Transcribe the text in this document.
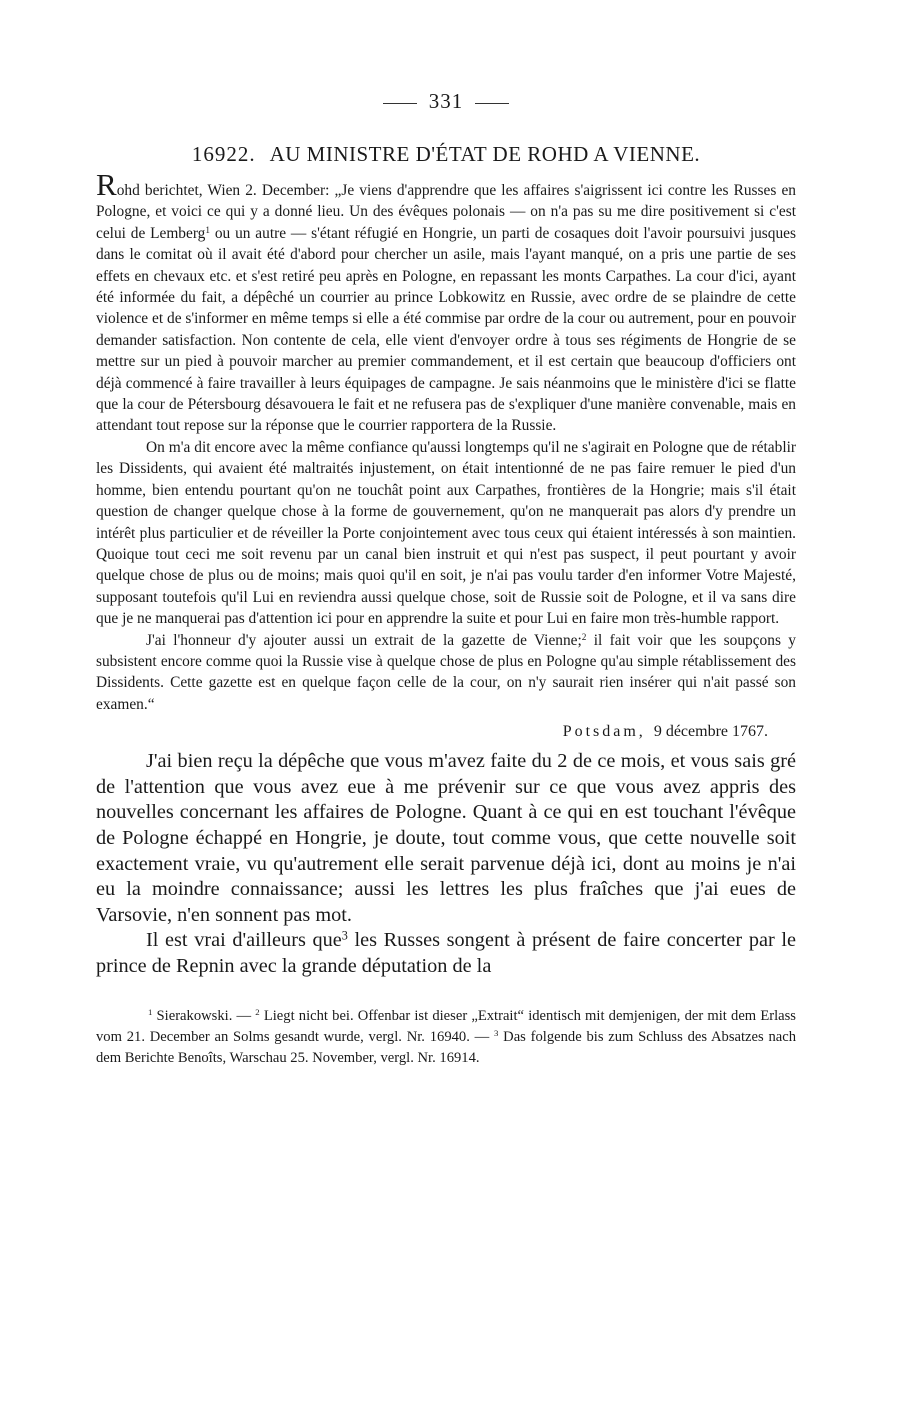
331
16922. AU MINISTRE D'ÉTAT DE ROHD A VIENNE.

Rohd berichtet, Wien 2. December: „Je viens d'apprendre que les affaires s'aigrissent ici contre les Russes en Pologne, et voici ce qui y a donné lieu. Un des évêques polonais — on n'a pas su me dire positivement si c'est celui de Lemberg$^1$ ou un autre — s'étant réfugié en Hongrie, un parti de cosaques doit l'avoir poursuivi jusques dans le comitat où il avait été d'abord pour chercher un asile, mais l'ayant manqué, on a pris une partie de ses effets en chevaux etc. et s'est retiré peu après en Pologne, en repassant les monts Carpathes. La cour d'ici, ayant été informée du fait, a dépêché un courrier au prince Lobkowitz en Russie, avec ordre de se plaindre de cette violence et de s'informer en même temps si elle a été commise par ordre de la cour ou autrement, pour en pouvoir demander satisfaction. Non contente de cela, elle vient d'envoyer ordre à tous ses régiments de Hongrie de se mettre sur un pied à pouvoir marcher au premier commandement, et il est certain que beaucoup d'officiers ont déjà commencé à faire travailler à leurs équipages de campagne. Je sais néanmoins que le ministère d'ici se flatte que la cour de Pétersbourg désavouera le fait et ne refusera pas de s'expliquer d'une manière convenable, mais en attendant tout repose sur la réponse que le courrier rapportera de la Russie.

On m'a dit encore avec la même confiance qu'aussi longtemps qu'il ne s'agirait en Pologne que de rétablir les Dissidents, qui avaient été maltraités injustement, on était intentionné de ne pas faire remuer le pied d'un homme, bien entendu pourtant qu'on ne touchât point aux Carpathes, frontières de la Hongrie; mais s'il était question de changer quelque chose à la forme de gouvernement, qu'on ne manquerait pas alors d'y prendre un intérêt plus particulier et de réveiller la Porte conjointement avec tous ceux qui étaient intéressés à son maintien. Quoique tout ceci me soit revenu par un canal bien instruit et qui n'est pas suspect, il peut pourtant y avoir quelque chose de plus ou de moins; mais quoi qu'il en soit, je n'ai pas voulu tarder d'en informer Votre Majesté, supposant toutefois qu'il Lui en reviendra aussi quelque chose, soit de Russie soit de Pologne, et il va sans dire que je ne manquerai pas d'attention ici pour en apprendre la suite et pour Lui en faire mon très-humble rapport.

J'ai l'honneur d'y ajouter aussi un extrait de la gazette de Vienne;$^2$ il fait voir que les soupçons y subsistent encore comme quoi la Russie vise à quelque chose de plus en Pologne qu'au simple rétablissement des Dissidents. Cette gazette est en quelque façon celle de la cour, on n'y saurait rien insérer qui n'ait passé son examen.“

Potsdam, 9 décembre 1767.

J'ai bien reçu la dépêche que vous m'avez faite du 2 de ce mois, et vous sais gré de l'attention que vous avez eue à me prévenir sur ce que vous avez appris des nouvelles concernant les affaires de Pologne. Quant à ce qui en est touchant l'évêque de Pologne échappé en Hongrie, je doute, tout comme vous, que cette nouvelle soit exactement vraie, vu qu'autrement elle serait parvenue déjà ici, dont au moins je n'ai eu la moindre connaissance; aussi les lettres les plus fraîches que j'ai eues de Varsovie, n'en sonnent pas mot.

Il est vrai d'ailleurs que$^3$ les Russes songent à présent de faire concerter par le prince de Repnin avec la grande députation de la

$^1$ Sierakowski. — $^2$ Liegt nicht bei. Offenbar ist dieser „Extrait“ identisch mit demjenigen, der mit dem Erlass vom 21. December an Solms gesandt wurde, vergl. Nr. 16940. — $^3$ Das folgende bis zum Schluss des Absatzes nach dem Berichte Benoîts, Warschau 25. November, vergl. Nr. 16914.
